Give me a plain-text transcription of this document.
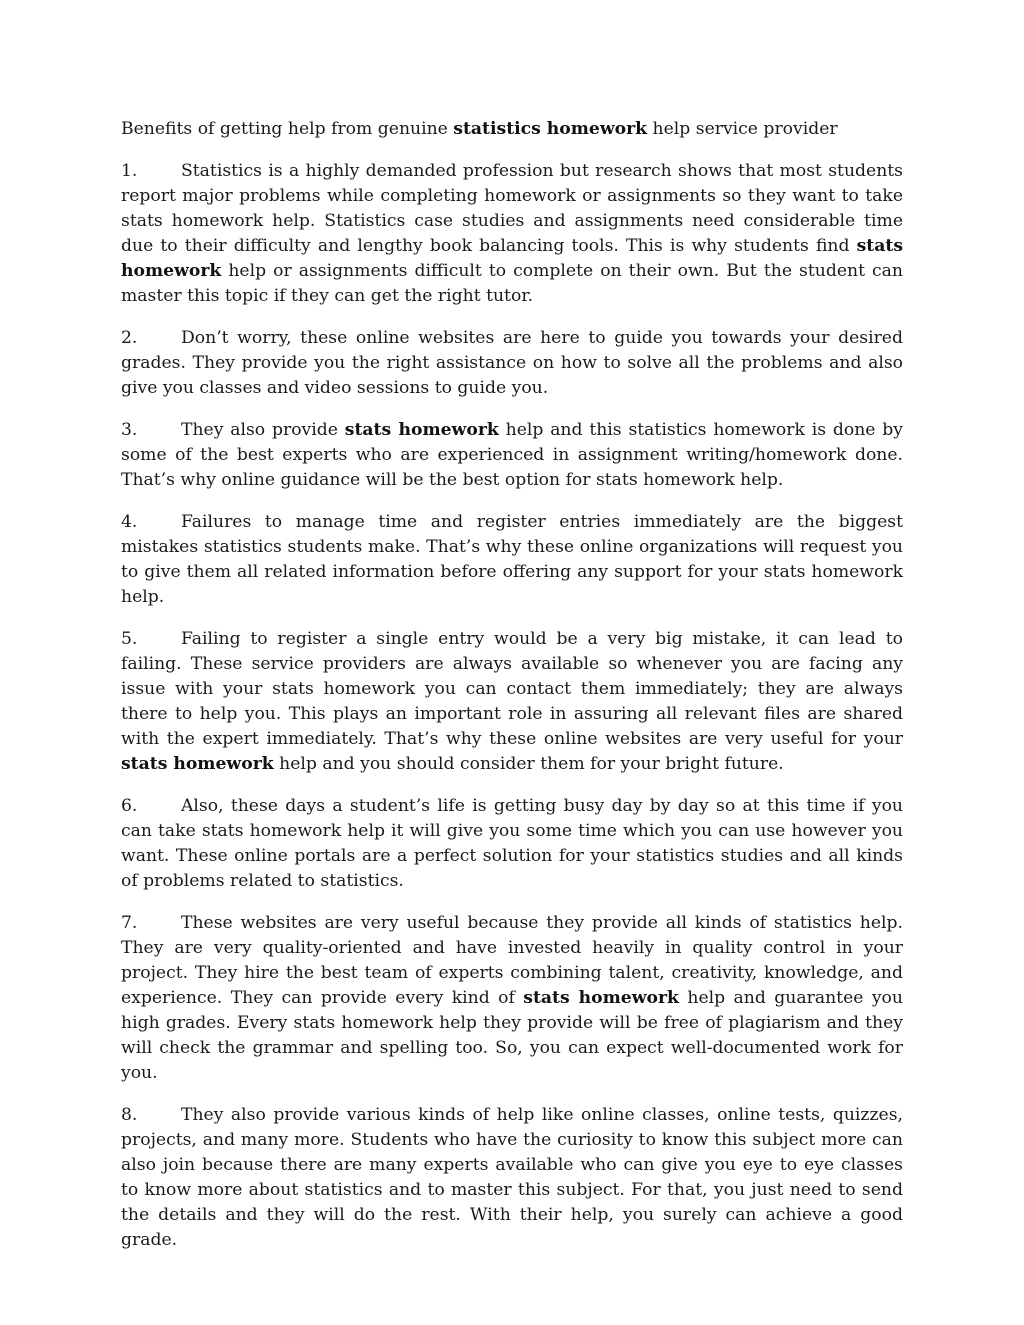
Benefits of getting help from genuine statistics homework help service provider

1.	Statistics is a highly demanded profession but research shows that most students report major problems while completing homework or assignments so they want to take stats homework help. Statistics case studies and assignments need considerable time due to their difficulty and lengthy book balancing tools. This is why students find stats homework help or assignments difficult to complete on their own. But the student can master this topic if they can get the right tutor.

2.	Don’t worry, these online websites are here to guide you towards your desired grades. They provide you the right assistance on how to solve all the problems and also give you classes and video sessions to guide you.

3.	They also provide stats homework help and this statistics homework is done by some of the best experts who are experienced in assignment writing/homework done. That’s why online guidance will be the best option for stats homework help.

4.	Failures to manage time and register entries immediately are the biggest mistakes statistics students make. That’s why these online organizations will request you to give them all related information before offering any support for your stats homework help.

5.	Failing to register a single entry would be a very big mistake, it can lead to failing. These service providers are always available so whenever you are facing any issue with your stats homework you can contact them immediately; they are always there to help you. This plays an important role in assuring all relevant files are shared with the expert immediately. That’s why these online websites are very useful for your stats homework help and you should consider them for your bright future.

6.	Also, these days a student’s life is getting busy day by day so at this time if you can take stats homework help it will give you some time which you can use however you want. These online portals are a perfect solution for your statistics studies and all kinds of problems related to statistics.

7.	These websites are very useful because they provide all kinds of statistics help. They are very quality-oriented and have invested heavily in quality control in your project. They hire the best team of experts combining talent, creativity, knowledge, and experience. They can provide every kind of stats homework help and guarantee you high grades. Every stats homework help they provide will be free of plagiarism and they will check the grammar and spelling too. So, you can expect well-documented work for you.

8.	They also provide various kinds of help like online classes, online tests, quizzes, projects, and many more. Students who have the curiosity to know this subject more can also join because there are many experts available who can give you eye to eye classes to know more about statistics and to master this subject. For that, you just need to send the details and they will do the rest. With their help, you surely can achieve a good grade.
